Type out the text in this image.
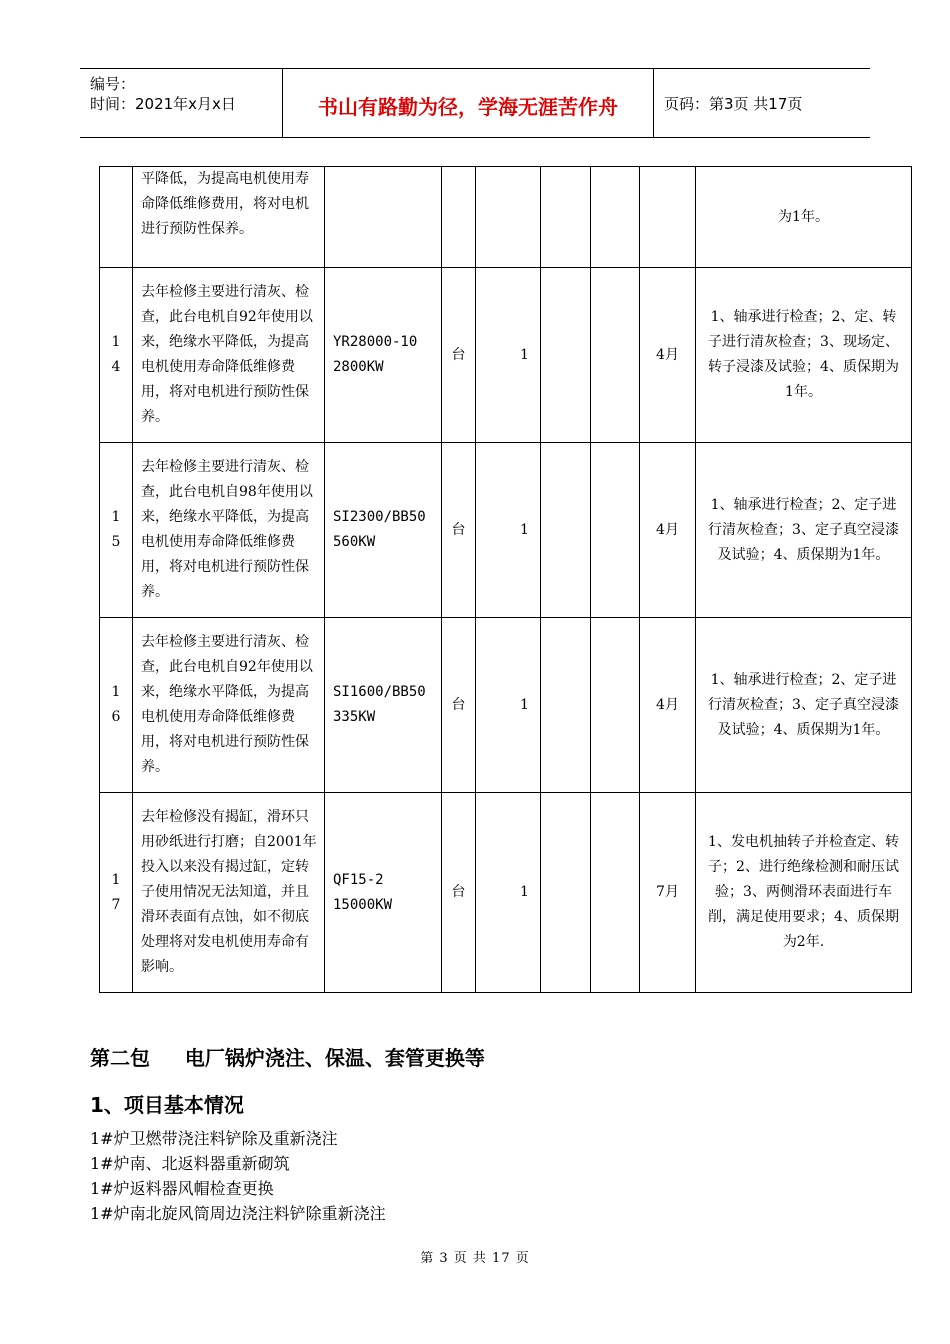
编号：
时间：2021年x月x日	书山有路勤为径，学海无涯苦作舟	页码：第3页 共17页
	平降低，为提高电机使用寿命降低维修费用，将对电机进行预防性保养。							为1年。
14	去年检修主要进行清灰、检查，此台电机自92年使用以来，绝缘水平降低，为提高电机使用寿命降低维修费用，将对电机进行预防性保养。	YR28000-10 2800KW	台	1			4月	1、轴承进行检查；2、定、转子进行清灰检查；3、现场定、转子浸漆及试验；4、质保期为1年。
15	去年检修主要进行清灰、检查，此台电机自98年使用以来，绝缘水平降低，为提高电机使用寿命降低维修费用，将对电机进行预防性保养。	SI2300/BB50 560KW	台	1			4月	1、轴承进行检查；2、定子进行清灰检查；3、定子真空浸漆及试验；4、质保期为1年。
16	去年检修主要进行清灰、检查，此台电机自92年使用以来，绝缘水平降低，为提高电机使用寿命降低维修费用，将对电机进行预防性保养。	SI1600/BB50 335KW	台	1			4月	1、轴承进行检查；2、定子进行清灰检查；3、定子真空浸漆及试验；4、质保期为1年。
17	去年检修没有揭缸，滑环只用砂纸进行打磨；自2001年投入以来没有揭过缸，定转子使用情况无法知道，并且滑环表面有点蚀，如不彻底处理将对发电机使用寿命有影响。	QF15-2 15000KW	台	1			7月	1、发电机抽转子并检查定、转子；2、进行绝缘检测和耐压试验；3、两侧滑环表面进行车削，满足使用要求；4、质保期为2年.
第二包     电厂锅炉浇注、保温、套管更换等
1、项目基本情况
1#炉卫燃带浇注料铲除及重新浇注
1#炉南、北返料器重新砌筑
1#炉返料器风帽检查更换
1#炉南北旋风筒周边浇注料铲除重新浇注
第 3 页 共 17 页
